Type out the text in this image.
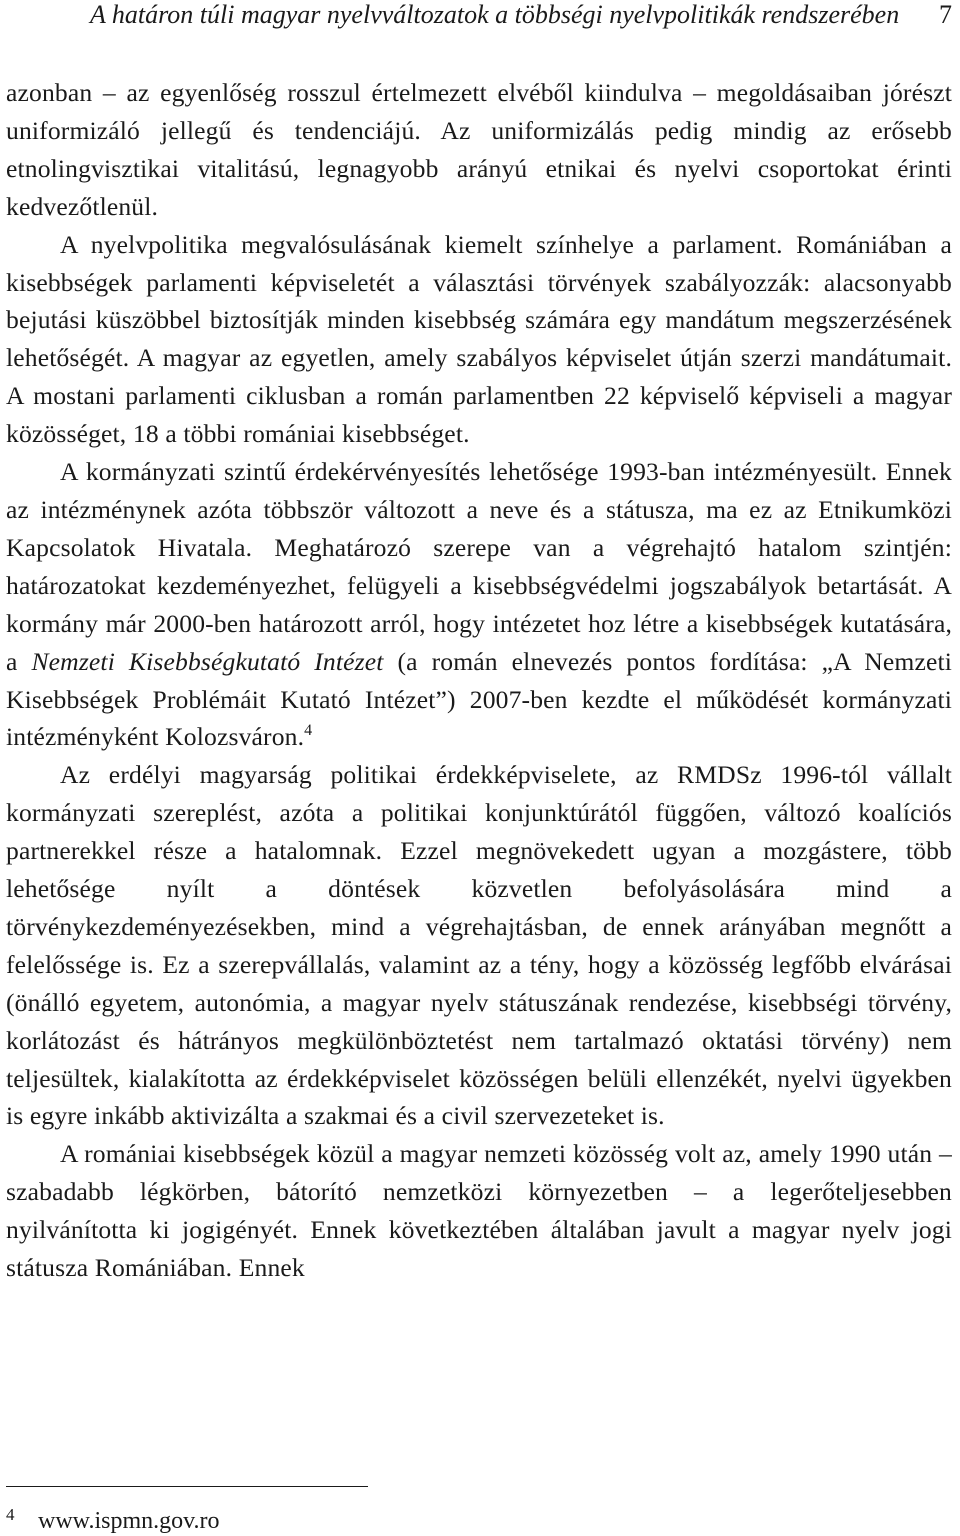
A határon túli magyar nyelvváltozatok a többségi nyelvpolitikák rendszerében 7

azonban – az egyenlőség rosszul értelmezett elvéből kiindulva – megoldásaiban jórészt uniformizáló jellegű és tendenciájú. Az uniformizálás pedig mindig az erősebb etnolingvisztikai vitalitású, legnagyobb arányú etnikai és nyelvi csoportokat érinti kedvezőtlenül.

A nyelvpolitika megvalósulásának kiemelt színhelye a parlament. Romániában a kisebbségek parlamenti képviseletét a választási törvények szabályozzák: alacsonyabb bejutási küszöbbel biztosítják minden kisebbség számára egy mandátum megszerzésének lehetőségét. A magyar az egyetlen, amely szabályos képviselet útján szerzi mandátumait. A mostani parlamenti ciklusban a román parlamentben 22 képviselő képviseli a magyar közösséget, 18 a többi romániai kisebbséget.

A kormányzati szintű érdekérvényesítés lehetősége 1993-ban intézményesült. Ennek az intézménynek azóta többször változott a neve és a státusza, ma ez az Etnikumközi Kapcsolatok Hivatala. Meghatározó szerepe van a végrehajtó hatalom szintjén: határozatokat kezdeményezhet, felügyeli a kisebbségvédelmi jogszabályok betartását. A kormány már 2000-ben határozott arról, hogy intézetet hoz létre a kisebbségek kutatására, a Nemzeti Kisebbségkutató Intézet (a román elnevezés pontos fordítása: „A Nemzeti Kisebbségek Problémáit Kutató Intézet”) 2007-ben kezdte el működését kormányzati intézményként Kolozsváron.$^4$

Az erdélyi magyarság politikai érdekképviselete, az RMDSz 1996-tól vállalt kormányzati szereplést, azóta a politikai konjunktúrától függően, változó koalíciós partnerekkel része a hatalomnak. Ezzel megnövekedett ugyan a mozgástere, több lehetősége nyílt a döntések közvetlen befolyásolására mind a törvénykezdeményezésekben, mind a végrehajtásban, de ennek arányában megnőtt a felelőssége is. Ez a szerepvállalás, valamint az a tény, hogy a közösség legfőbb elvárásai (önálló egyetem, autonómia, a magyar nyelv státuszának rendezése, kisebbségi törvény, korlátozást és hátrányos megkülönböztetést nem tartalmazó oktatási törvény) nem teljesültek, kialakította az érdekképviselet közösségen belüli ellenzékét, nyelvi ügyekben is egyre inkább aktivizálta a szakmai és a civil szervezeteket is.

A romániai kisebbségek közül a magyar nemzeti közösség volt az, amely 1990 után – szabadabb légkörben, bátorító nemzetközi környezetben – a legerőteljesebben nyilvánította ki jogigényét. Ennek következtében általában javult a magyar nyelv jogi státusza Romániában. Ennek

4 www.ispmn.gov.ro
